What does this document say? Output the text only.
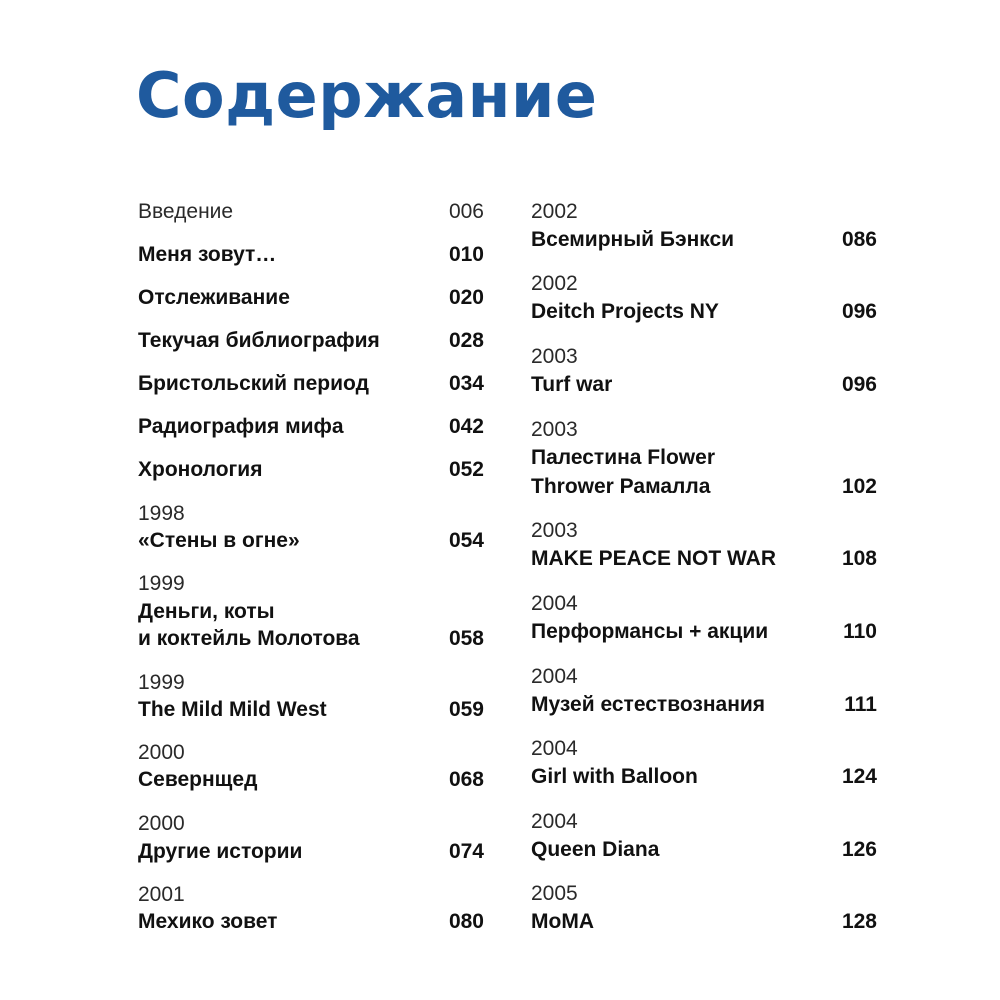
Содержание
Введение	006
Меня зовут…	010
Отслеживание	020
Текучая библиография	028
Бристольский период	034
Радиография мифа	042
Хронология	052
1998
«Стены в огне»	054
1999
Деньги, коты
и коктейль Молотова	058
1999
The Mild Mild West	059
2000
Севернщед	068
2000
Другие истории	074
2001
Мехико зовет	080
2002
Всемирный Бэнкси	086
2002
Deitch Projects NY	096
2003
Turf war	096
2003
Палестина Flower
Thrower Рамалла	102
2003
MAKE PEACE NOT WAR	108
2004
Перформансы + акции	110
2004
Музей естествознания	111
2004
Girl with Balloon	124
2004
Queen Diana	126
2005
MoMA	128
